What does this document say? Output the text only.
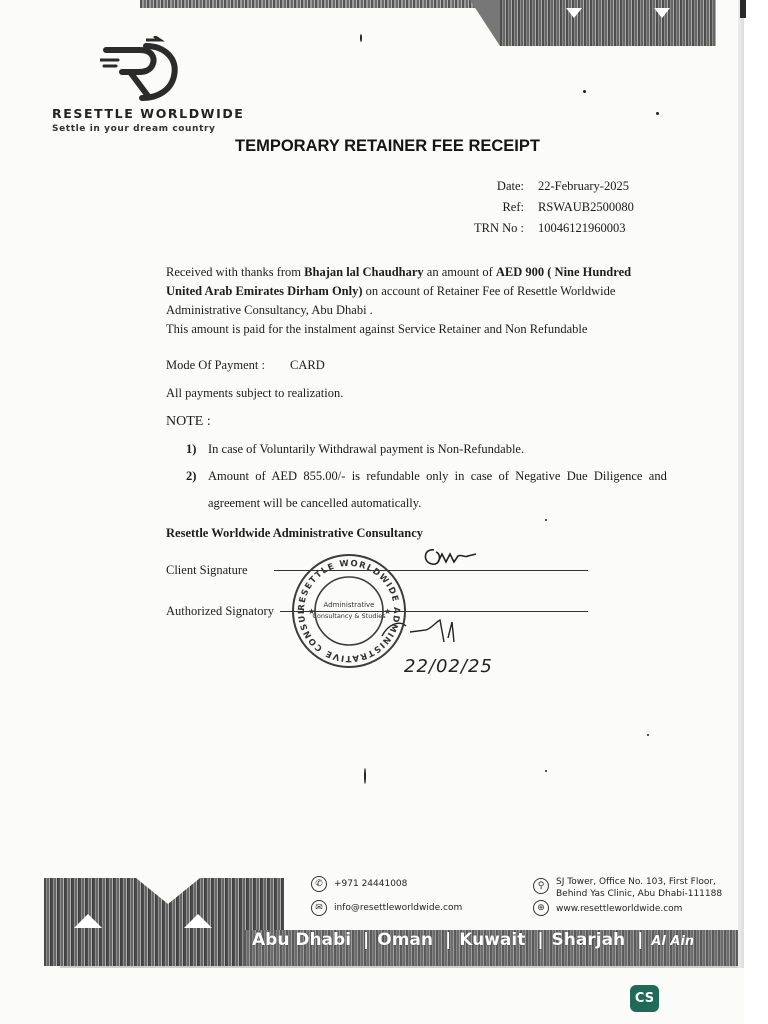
RESETTLE WORLDWIDE
Settle in your dream country
TEMPORARY RETAINER FEE RECEIPT
Date: 22-February-2025
Ref: RSWAUB2500080
TRN No : 10046121960003
Received with thanks from Bhajan lal Chaudhary an amount of AED 900 ( Nine Hundred
United Arab Emirates Dirham Only) on account of Retainer Fee of Resettle Worldwide
Administrative Consultancy, Abu Dhabi .
This amount is paid for the instalment against Service Retainer and Non Refundable
Mode Of Payment : CARD
All payments subject to realization.
NOTE :
1) In case of Voluntarily Withdrawal payment is Non-Refundable.
2) Amount of AED 855.00/- is refundable only in case of Negative Due Diligence and
agreement will be cancelled automatically.
Resettle Worldwide Administrative Consultancy
Client Signature
Authorized Signatory	RESETTLE WORLDWIDE ADMINISTRATIVE CONSUL
Administrative
Consultancy & Studies
★	★
22/02/25
✆	+971 24441008
✉	info@resettleworldwide.com
⚲	SJ Tower, Office No. 103, First Floor,
Behind Yas Clinic, Abu Dhabi-111188
⊕	www.resettleworldwide.com
Abu Dhabi | Oman | Kuwait | Sharjah | Al Ain
CS
